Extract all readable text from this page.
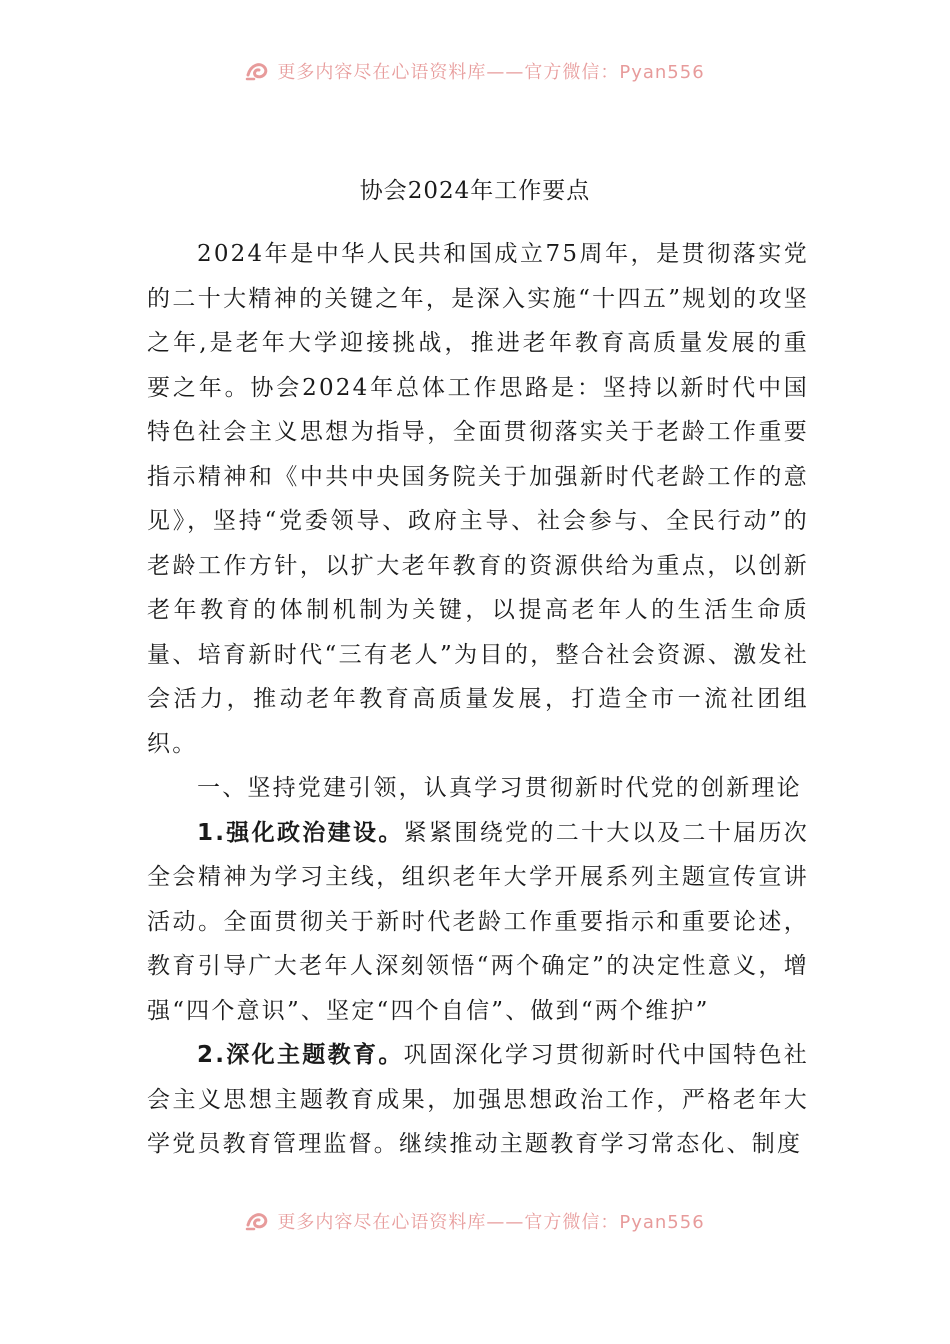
更多内容尽在心语资料库——官方微信：Pyan556
协会2024年工作要点

2024年是中华人民共和国成立75周年，是贯彻落实党的二十大精神的关键之年，是深入实施“十四五”规划的攻坚之年,是老年大学迎接挑战，推进老年教育高质量发展的重要之年。协会2024年总体工作思路是：坚持以新时代中国特色社会主义思想为指导，全面贯彻落实关于老龄工作重要指示精神和《中共中央国务院关于加强新时代老龄工作的意见》，坚持“党委领导、政府主导、社会参与、全民行动”的老龄工作方针，以扩大老年教育的资源供给为重点，以创新老年教育的体制机制为关键，以提高老年人的生活生命质量、培育新时代“三有老人”为目的，整合社会资源、激发社会活力，推动老年教育高质量发展，打造全市一流社团组织。

一、坚持党建引领，认真学习贯彻新时代党的创新理论

1.强化政治建设。紧紧围绕党的二十大以及二十届历次全会精神为学习主线，组织老年大学开展系列主题宣传宣讲活动。全面贯彻关于新时代老龄工作重要指示和重要论述，教育引导广大老年人深刻领悟“两个确定”的决定性意义，增强“四个意识”、坚定“四个自信”、做到“两个维护”

2.深化主题教育。巩固深化学习贯彻新时代中国特色社会主义思想主题教育成果，加强思想政治工作，严格老年大学党员教育管理监督。继续推动主题教育学习常态化、制度

更多内容尽在心语资料库——官方微信：Pyan556
